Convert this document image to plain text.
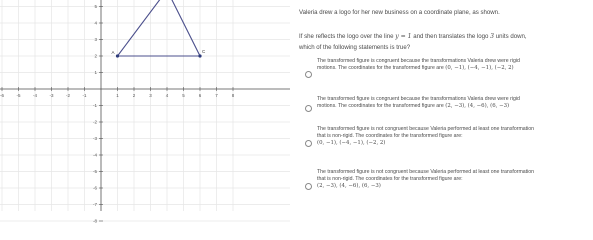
-6	-5	-4	-3	-2	-1	1	2	3	4	5	6	7	8
5
4
3
2
1
-1
-2
-3
-4
-5
-6
-7
-8
A	C
Valeria drew a logo for her new business on a coordinate plane, as shown.
If she reflects the logo over the line y = 1 and then translates the logo 3 units down,
which of the following statements is true?
The transformed figure is congruent because the transformations Valeria drew were rigid
motions. The coordinates for the transformed figure are (0, −1), (−4, −1), (−2, 2)
The transformed figure is congruent because the transformations Valeria drew were rigid
motions. The coordinates for the transformed figure are (2, −3), (4, −6), (6, −3)
The transformed figure is not congruent because Valeria performed at least one transformation
that is non-rigid. The coordinates for the transformed figure are:
(0, −1), (−4, −1), (−2, 2)
The transformed figure is not congruent because Valeria performed at least one transformation
that is non-rigid. The coordinates for the transformed figure are:
(2, −3), (4, −6), (6, −3)
